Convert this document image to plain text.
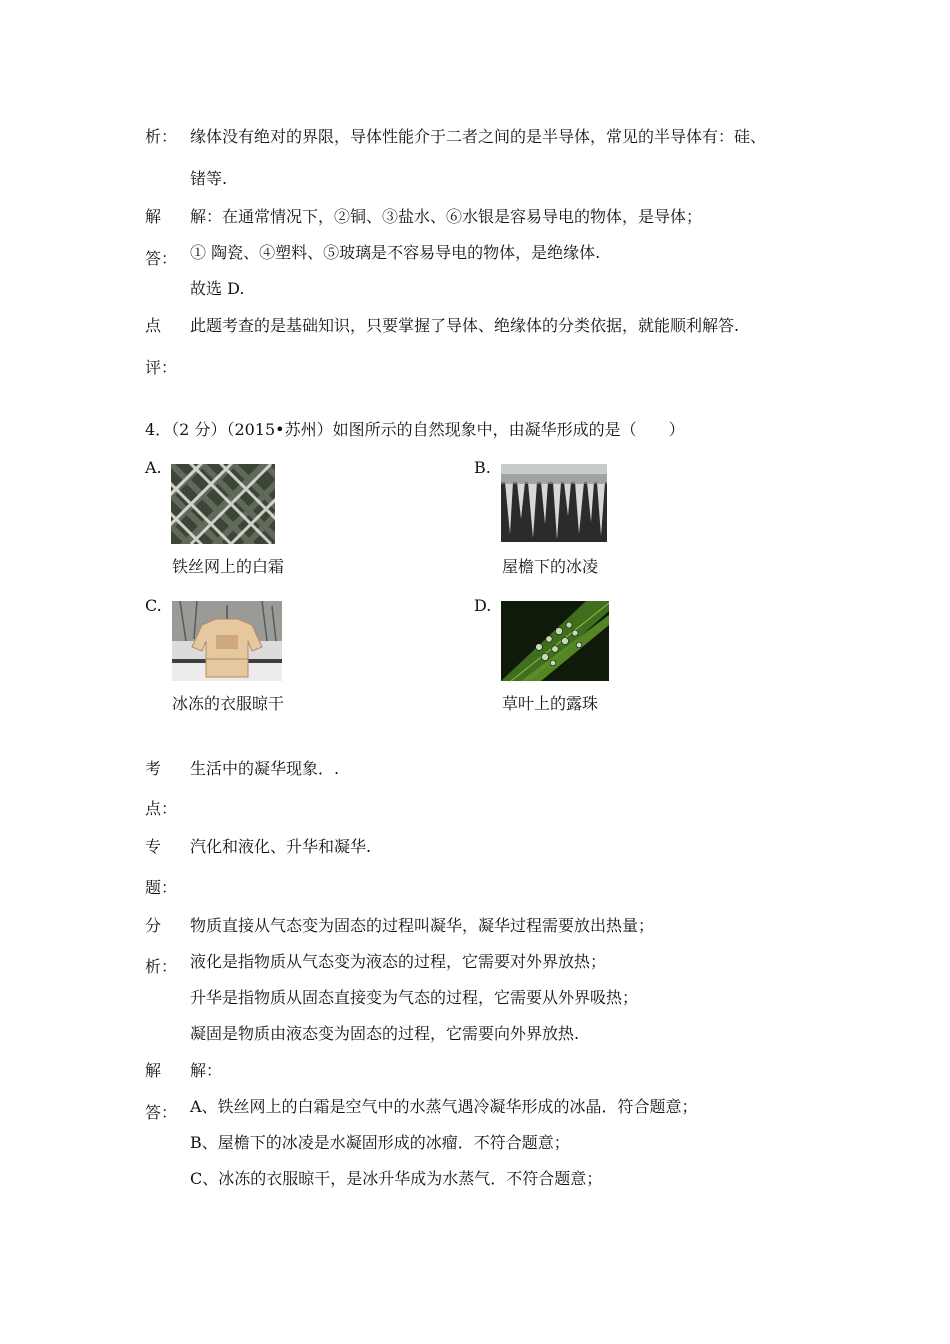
析： 缘体没有绝对的界限，导体性能介于二者之间的是半导体，常见的半导体有：硅、
锗等.
解 解：在通常情况下，②铜、③盐水、⑥水银是容易导电的物体，是导体；
答： ① 陶瓷、④塑料、⑤玻璃是不容易导电的物体，是绝缘体.
故选 D.
点 此题考查的是基础知识，只要掌握了导体、绝缘体的分类依据，就能顺利解答.
评：
4．（2 分）（2015•苏州）如图所示的自然现象中，由凝华形成的是（　　）
A.
铁丝网上的白霜
B.
屋檐下的冰凌
C.
冰冻的衣服晾干
D.
草叶上的露珠
考 生活中的凝华现象．.
点：
专 汽化和液化、升华和凝华.
题：
分 物质直接从气态变为固态的过程叫凝华，凝华过程需要放出热量；
析： 液化是指物质从气态变为液态的过程，它需要对外界放热；
升华是指物质从固态直接变为气态的过程，它需要从外界吸热；
凝固是物质由液态变为固态的过程，它需要向外界放热.
解 解：
答： A、铁丝网上的白霜是空气中的水蒸气遇冷凝华形成的冰晶．符合题意；
B、屋檐下的冰凌是水凝固形成的冰瘤．不符合题意；
C、冰冻的衣服晾干，是冰升华成为水蒸气．不符合题意；
